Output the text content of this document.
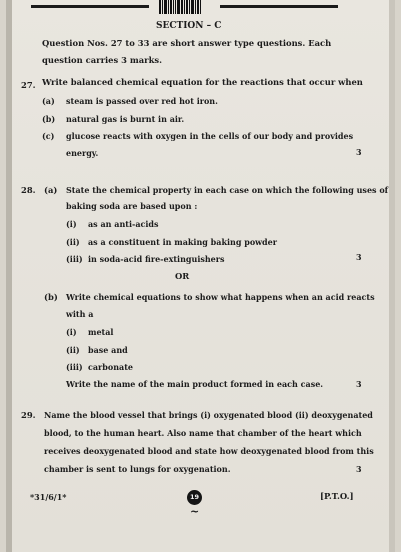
SECTION – C
Question Nos. 27 to 33 are short answer type questions. Each
question carries 3 marks.
27. Write balanced chemical equation for the reactions that occur when
(a) steam is passed over red hot iron.
(b) natural gas is burnt in air.
(c) glucose reacts with oxygen in the cells of our body and provides
energy.	3
28. (a) State the chemical property in each case on which the following uses of
baking soda are based upon :
(i) as an anti-acids
(ii) as a constituent in making baking powder
(iii) in soda-acid fire-extinguishers	3
OR
(b) Write chemical equations to show what happens when an acid reacts
with a
(i) metal
(ii) base and
(iii) carbonate
Write the name of the main product formed in each case.	3
29. Name the blood vessel that brings (i) oxygenated blood (ii) deoxygenated
blood, to the human heart. Also name that chamber of the heart which
receives deoxygenated blood and state how deoxygenated blood from this
chamber is sent to lungs for oxygenation.	3
*31/6/1*	19	[P.T.O.]
~
